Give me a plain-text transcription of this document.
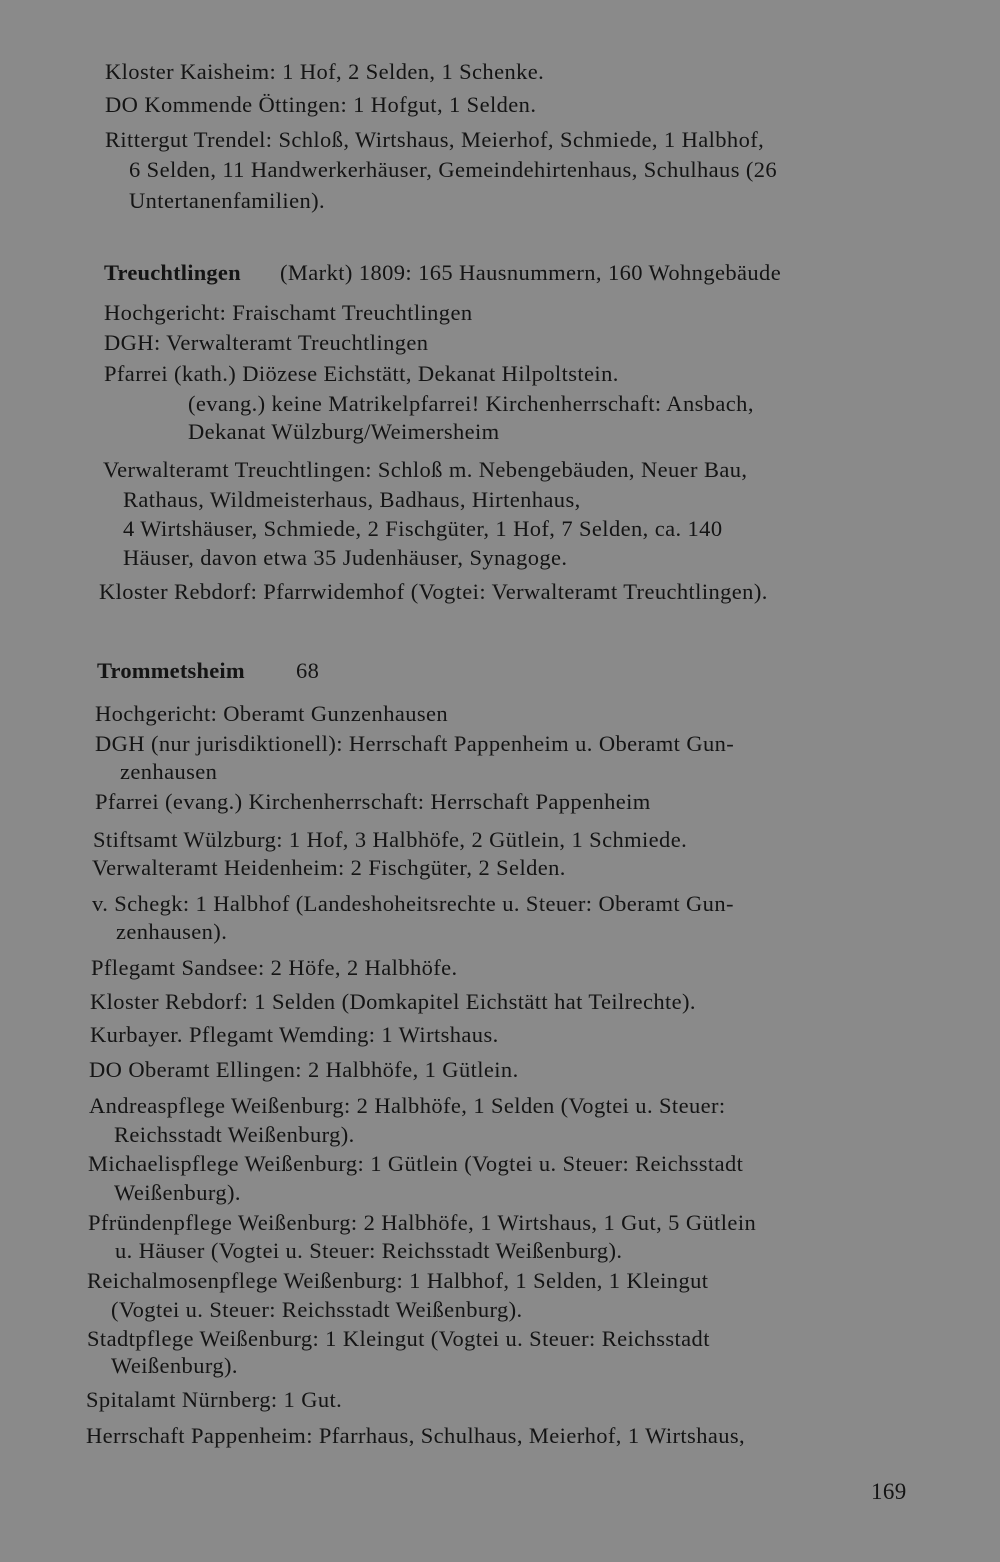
Kloster Kaisheim: 1 Hof, 2 Selden, 1 Schenke.
DO Kommende Öttingen: 1 Hofgut, 1 Selden.
Rittergut Trendel: Schloß, Wirtshaus, Meierhof, Schmiede, 1 Halbhof,
6 Selden, 11 Handwerkerhäuser, Gemeindehirtenhaus, Schulhaus (26
Untertanenfamilien).
Treuchtlingen (Markt) 1809: 165 Hausnummern, 160 Wohngebäude
Hochgericht: Fraischamt Treuchtlingen
DGH: Verwalteramt Treuchtlingen
Pfarrei (kath.) Diözese Eichstätt, Dekanat Hilpoltstein.
(evang.) keine Matrikelpfarrei! Kirchenherrschaft: Ansbach,
Dekanat Wülzburg/Weimersheim
Verwalteramt Treuchtlingen: Schloß m. Nebengebäuden, Neuer Bau,
Rathaus, Wildmeisterhaus, Badhaus, Hirtenhaus,
4 Wirtshäuser, Schmiede, 2 Fischgüter, 1 Hof, 7 Selden, ca. 140
Häuser, davon etwa 35 Judenhäuser, Synagoge.
Kloster Rebdorf: Pfarrwidemhof (Vogtei: Verwalteramt Treuchtlingen).
Trommetsheim 68
Hochgericht: Oberamt Gunzenhausen
DGH (nur jurisdiktionell): Herrschaft Pappenheim u. Oberamt Gun-
zenhausen
Pfarrei (evang.) Kirchenherrschaft: Herrschaft Pappenheim
Stiftsamt Wülzburg: 1 Hof, 3 Halbhöfe, 2 Gütlein, 1 Schmiede.
Verwalteramt Heidenheim: 2 Fischgüter, 2 Selden.
v. Schegk: 1 Halbhof (Landeshoheitsrechte u. Steuer: Oberamt Gun-
zenhausen).
Pflegamt Sandsee: 2 Höfe, 2 Halbhöfe.
Kloster Rebdorf: 1 Selden (Domkapitel Eichstätt hat Teilrechte).
Kurbayer. Pflegamt Wemding: 1 Wirtshaus.
DO Oberamt Ellingen: 2 Halbhöfe, 1 Gütlein.
Andreaspflege Weißenburg: 2 Halbhöfe, 1 Selden (Vogtei u. Steuer:
Reichsstadt Weißenburg).
Michaelispflege Weißenburg: 1 Gütlein (Vogtei u. Steuer: Reichsstadt
Weißenburg).
Pfründenpflege Weißenburg: 2 Halbhöfe, 1 Wirtshaus, 1 Gut, 5 Gütlein
u. Häuser (Vogtei u. Steuer: Reichsstadt Weißenburg).
Reichalmosenpflege Weißenburg: 1 Halbhof, 1 Selden, 1 Kleingut
(Vogtei u. Steuer: Reichsstadt Weißenburg).
Stadtpflege Weißenburg: 1 Kleingut (Vogtei u. Steuer: Reichsstadt
Weißenburg).
Spitalamt Nürnberg: 1 Gut.
Herrschaft Pappenheim: Pfarrhaus, Schulhaus, Meierhof, 1 Wirtshaus,
169
